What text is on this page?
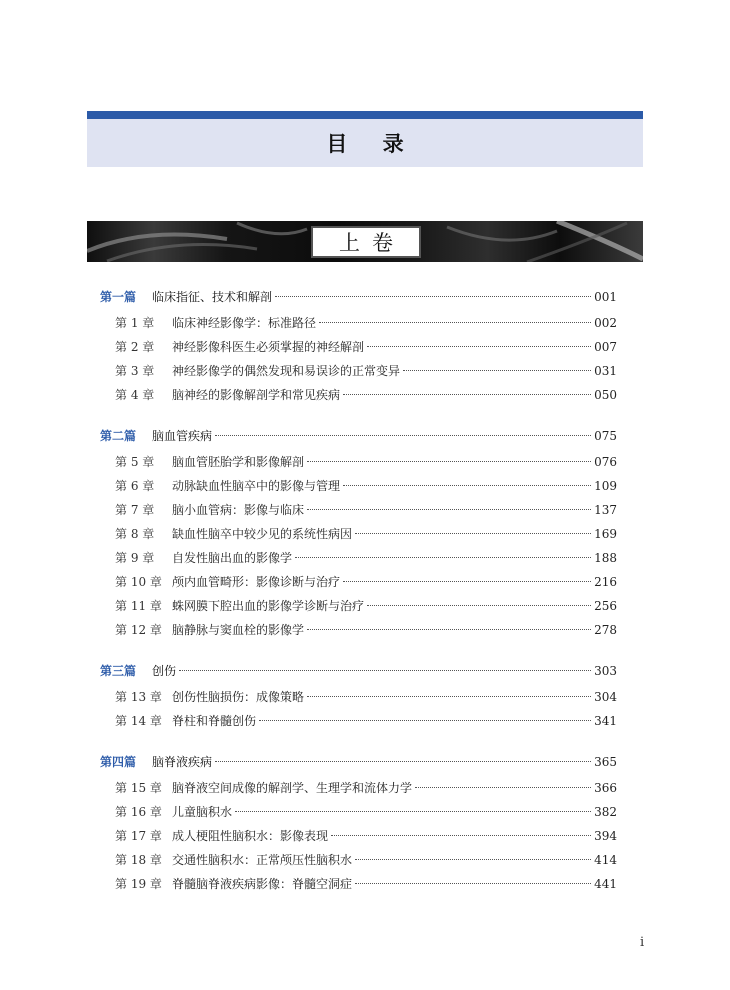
目 录
上卷
第一篇	临床指征、技术和解剖	001
第 1 章	临床神经影像学：标准路径	002
第 2 章	神经影像科医生必须掌握的神经解剖	007
第 3 章	神经影像学的偶然发现和易误诊的正常变异	031
第 4 章	脑神经的影像解剖学和常见疾病	050
第二篇	脑血管疾病	075
第 5 章	脑血管胚胎学和影像解剖	076
第 6 章	动脉缺血性脑卒中的影像与管理	109
第 7 章	脑小血管病：影像与临床	137
第 8 章	缺血性脑卒中较少见的系统性病因	169
第 9 章	自发性脑出血的影像学	188
第 10 章 颅内血管畸形：影像诊断与治疗	216
第 11 章 蛛网膜下腔出血的影像学诊断与治疗	256
第 12 章 脑静脉与窦血栓的影像学	278
第三篇	创伤	303
第 13 章 创伤性脑损伤：成像策略	304
第 14 章 脊柱和脊髓创伤	341
第四篇	脑脊液疾病	365
第 15 章 脑脊液空间成像的解剖学、生理学和流体力学	366
第 16 章 儿童脑积水	382
第 17 章 成人梗阻性脑积水：影像表现	394
第 18 章 交通性脑积水：正常颅压性脑积水	414
第 19 章 脊髓脑脊液疾病影像：脊髓空洞症	441
i
